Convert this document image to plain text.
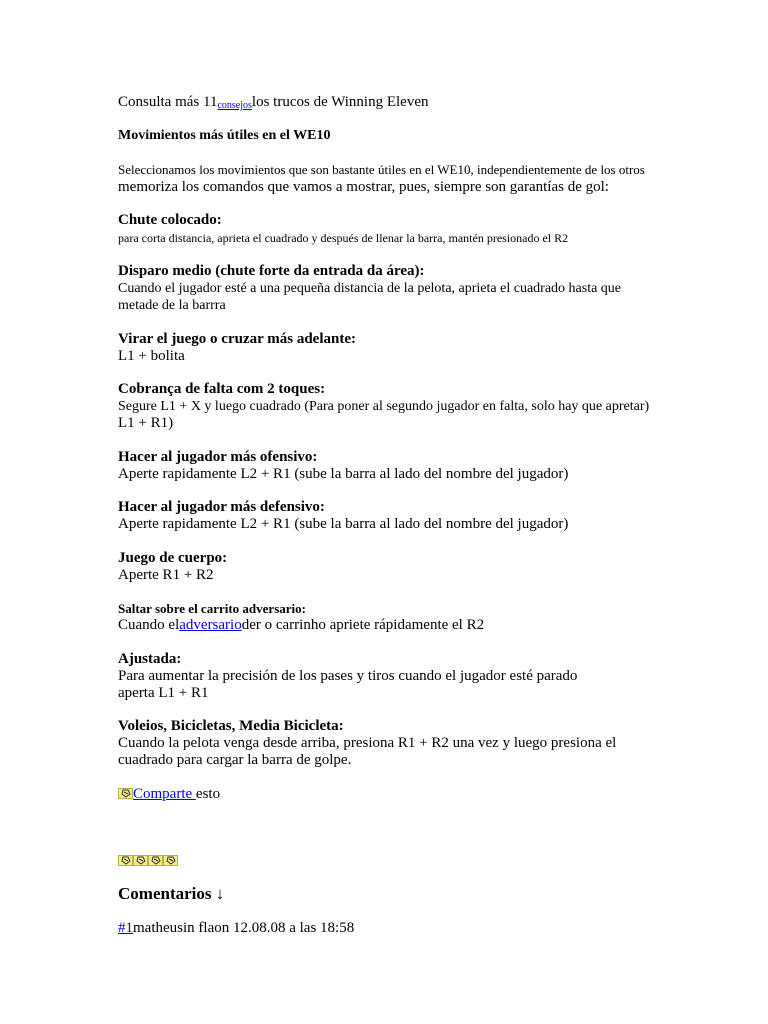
Consulta más 11consejoslos trucos de Winning Eleven
Movimientos más útiles en el WE10
Seleccionamos los movimientos que son bastante útiles en el WE10, independientemente de los otros
memoriza los comandos que vamos a mostrar, pues, siempre son garantías de gol:
Chute colocado:
para corta distancia, aprieta el cuadrado y después de llenar la barra, mantén presionado el R2
Disparo medio (chute forte da entrada da área):
Cuando el jugador esté a una pequeña distancia de la pelota, aprieta el cuadrado hasta que
metade de la barrra
Virar el juego o cruzar más adelante:
L1 + bolita
Cobrança de falta com 2 toques:
Segure L1 + X y luego cuadrado (Para poner al segundo jugador en falta, solo hay que apretar)
L1 + R1)
Hacer al jugador más ofensivo:
Aperte rapidamente L2 + R1 (sube la barra al lado del nombre del jugador)
Hacer al jugador más defensivo:
Aperte rapidamente L2 + R1 (sube la barra al lado del nombre del jugador)
Juego de cuerpo:
Aperte R1 + R2
Saltar sobre el carrito adversario:
Cuando eladversarioder o carrinho apriete rápidamente el R2
Ajustada:
Para aumentar la precisión de los pases y tiros cuando el jugador esté parado
aperta L1 + R1
Voleios, Bicicletas, Media Bicicleta:
Cuando la pelota venga desde arriba, presiona R1 + R2 una vez y luego presiona el
cuadrado para cargar la barra de golpe.
Comparte esto
Comentarios ↓
#1matheusin flaon 12.08.08 a las 18:58
